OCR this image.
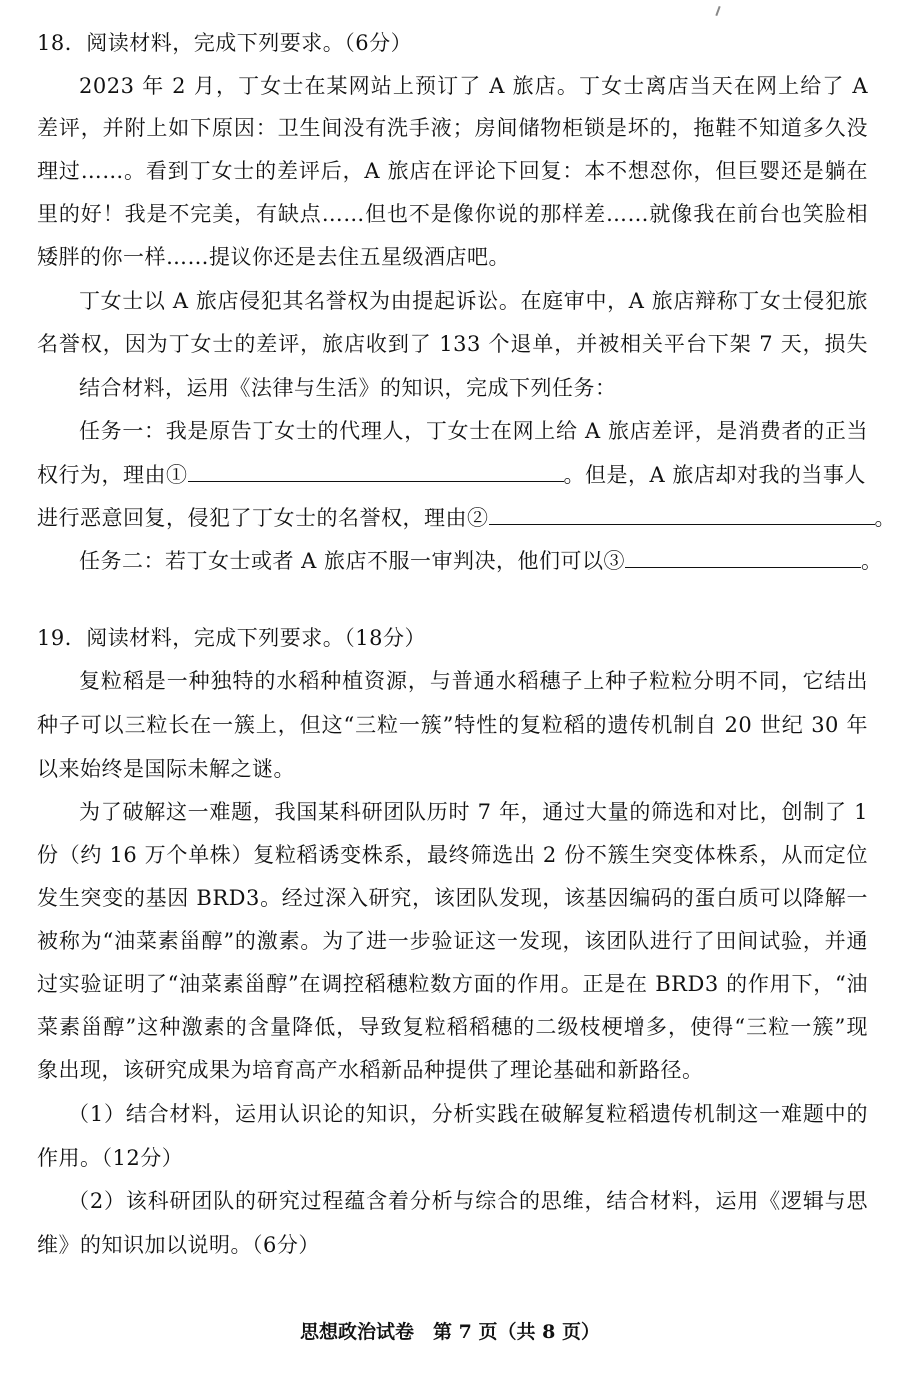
18．阅读材料，完成下列要求。（6分）
2023 年 2 月，丁女士在某网站上预订了 A 旅店。丁女士离店当天在网上给了 A
差评，并附上如下原因：卫生间没有洗手液；房间储物柜锁是坏的，拖鞋不知道多久没
理过……。看到丁女士的差评后，A 旅店在评论下回复：本不想怼你，但巨婴还是躺在
里的好！我是不完美，有缺点……但也不是像你说的那样差……就像我在前台也笑脸相
矮胖的你一样……提议你还是去住五星级酒店吧。
丁女士以 A 旅店侵犯其名誉权为由提起诉讼。在庭审中，A 旅店辩称丁女士侵犯旅
名誉权，因为丁女士的差评，旅店收到了 133 个退单，并被相关平台下架 7 天，损失
结合材料，运用《法律与生活》的知识，完成下列任务：
任务一：我是原告丁女士的代理人，丁女士在网上给 A 旅店差评，是消费者的正当
权行为，理由①	。但是，A 旅店却对我的当事人
进行恶意回复，侵犯了丁女士的名誉权，理由②	。
任务二：若丁女士或者 A 旅店不服一审判决，他们可以③	。
19．阅读材料，完成下列要求。（18分）
复粒稻是一种独特的水稻种植资源，与普通水稻穗子上种子粒粒分明不同，它结出
种子可以三粒长在一簇上，但这“三粒一簇”特性的复粒稻的遗传机制自 20 世纪 30 年
以来始终是国际未解之谜。
为了破解这一难题，我国某科研团队历时 7 年，通过大量的筛选和对比，创制了 1
份（约 16 万个单株）复粒稻诱变株系，最终筛选出 2 份不簇生突变体株系，从而定位
发生突变的基因 BRD3。经过深入研究，该团队发现，该基因编码的蛋白质可以降解一
被称为“油菜素甾醇”的激素。为了进一步验证这一发现，该团队进行了田间试验，并通
过实验证明了“油菜素甾醇”在调控稻穗粒数方面的作用。正是在 BRD3 的作用下，“油
菜素甾醇”这种激素的含量降低，导致复粒稻稻穗的二级枝梗增多，使得“三粒一簇”现
象出现，该研究成果为培育高产水稻新品种提供了理论基础和新路径。
（1）结合材料，运用认识论的知识，分析实践在破解复粒稻遗传机制这一难题中的
作用。（12分）
（2）该科研团队的研究过程蕴含着分析与综合的思维，结合材料，运用《逻辑与思
维》的知识加以说明。（6分）
思想政治试卷　第 7 页（共 8 页）
